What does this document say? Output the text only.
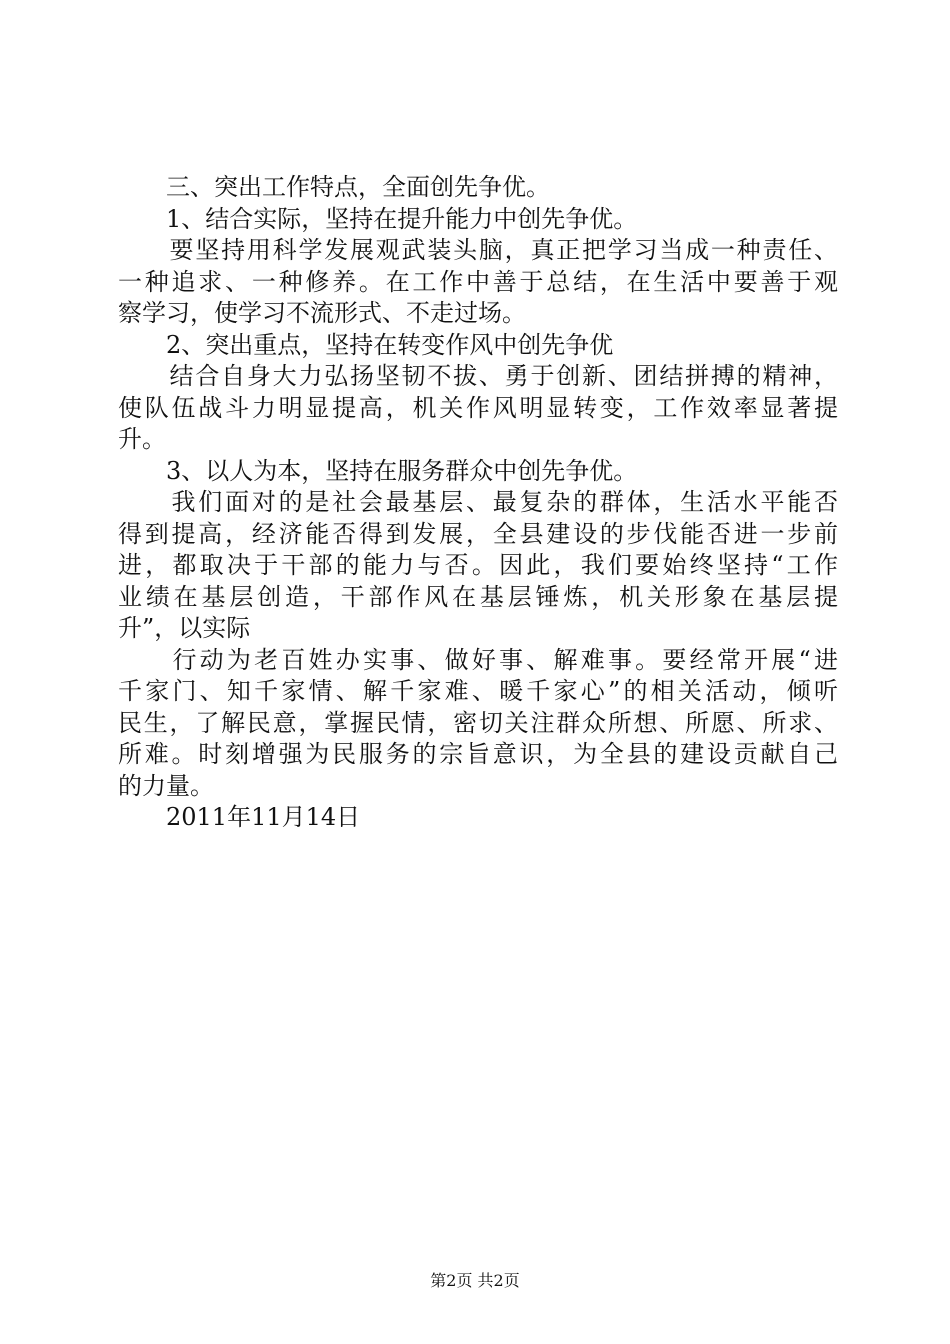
　　三、突出工作特点，全面创先争优。
　　1、结合实际，坚持在提升能力中创先争优。
　　要坚持用科学发展观武装头脑，真正把学习当成一种责任、
一种追求、一种修养。在工作中善于总结，在生活中要善于观
察学习，使学习不流形式、不走过场。
　　2、突出重点，坚持在转变作风中创先争优
　　结合自身大力弘扬坚韧不拔、勇于创新、团结拼搏的精神，
使队伍战斗力明显提高，机关作风明显转变，工作效率显著提
升。
　　3、以人为本，坚持在服务群众中创先争优。
　　我们面对的是社会最基层、最复杂的群体，生活水平能否
得到提高，经济能否得到发展，全县建设的步伐能否进一步前
进，都取决于干部的能力与否。因此，我们要始终坚持“工作
业绩在基层创造，干部作风在基层锤炼，机关形象在基层提
升”，以实际
　　行动为老百姓办实事、做好事、解难事。要经常开展“进
千家门、知千家情、解千家难、暖千家心”的相关活动，倾听
民生，了解民意，掌握民情，密切关注群众所想、所愿、所求、
所难。时刻增强为民服务的宗旨意识，为全县的建设贡献自己
的力量。
　　2011年11月14日
第2页 共2页
